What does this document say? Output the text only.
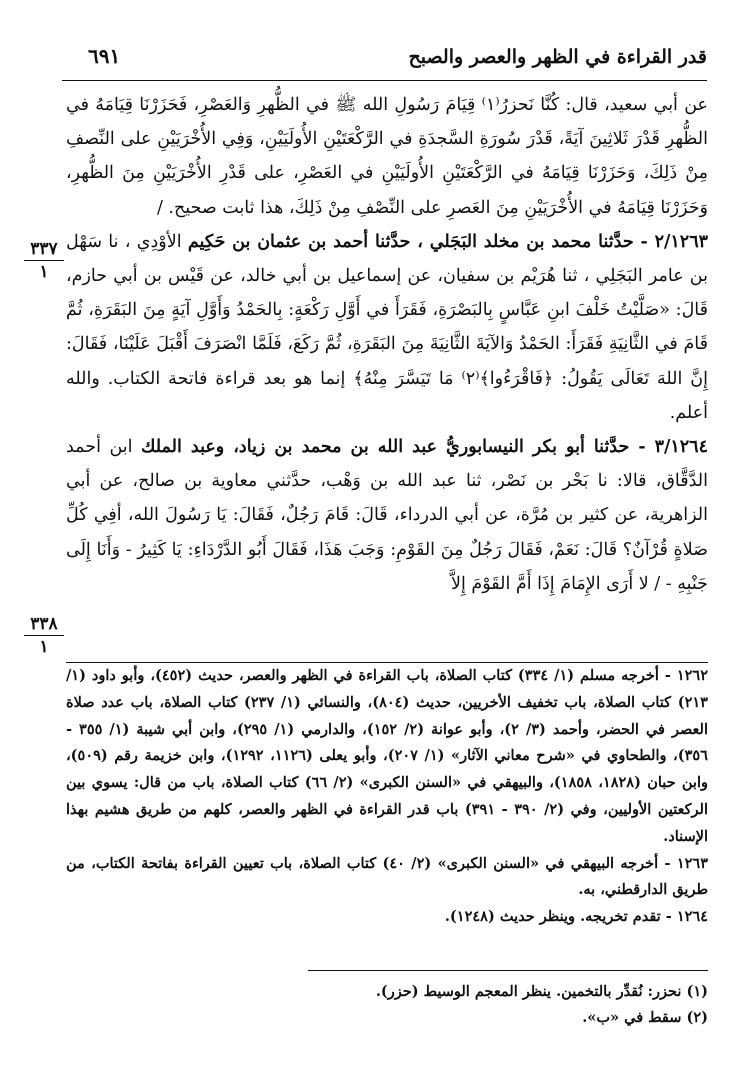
قدر القراءة في الظهر والعصر والصبح
٦٩١
٣٣٧
١
٣٣٨
١

عن أبي سعيد، قال: كُنَّا نَحزرُ⁽١⁾ قِيَامَ رَسُولِ الله ﷺ في الظُّهرِ وَالعَصْرِ، فَحَزَرْنَا قِيَامَهُ في الظُّهرِ قَدْرَ ثَلاثِينَ آيَةً، قَدْرَ سُورَةِ السَّجدَةِ في الرَّكْعَتَيْنِ الأُولَيَيْنِ، وَفِي الأُخْرَيَيْنِ على النِّصفِ مِنْ ذَلِكَ، وَحَزَرْنَا قِيَامَهُ في الرَّكْعَتَيْنِ الأُولَيَيْنِ في العَصْرِ، على قَدْرِ الأُخْرَيَيْنِ مِنَ الظُّهرِ، وَحَزَرْنَا قِيَامَهُ في الأُخْرَيَيْنِ مِنَ العَصرِ على النِّصْفِ مِنْ ذَلِكَ، هذا ثابت صحيح. /

٢/١٢٦٣ - حدَّثنا محمد بن مخلد البَجَلي ، حدَّثنا أحمد بن عثمان بن حَكِيم الأوْدِي ، نا سَهْل بن عامر البَجَلِي ، ثنا هُرَيْم بن سفيان، عن إسماعيل بن أبي خالد، عن قَيْس بن أبي حازم، قَالَ: «صَلَّيْتُ خَلْفَ ابنِ عَبَّاسٍ بِالبَصْرَةِ، فَقَرَأَ في أَوَّلِ رَكْعَةٍ: بِالحَمْدُ وَأَوَّلِ آيَةٍ مِنَ البَقَرَةِ، ثُمَّ قَامَ في الثَّانِيَةِ فَقَرَأَ: الحَمْدُ وَالآيَةَ الثَّانِيَةَ مِنَ البَقَرَةِ، ثُمَّ رَكَعَ، فَلَمَّا انْصَرَفَ أَقْبَلَ عَلَيْنَا، فَقَالَ: إِنَّ اللهَ تَعَالَى يَقُولُ: ﴿فَاقْرَءُوا﴾⁽٢⁾ مَا تَيَسَّرَ مِنْهُ﴾ إنما هو بعد قراءة فاتحة الكتاب. والله أعلم.

٣/١٢٦٤ - حدَّثنا أبو بكر النيسابوريُّ عبد الله بن محمد بن زياد، وعبد الملك ابن أحمد الدَّقَّاق، قالا: نا بَحْر بن نَصْر، ثنا عبد الله بن وَهْب، حدَّثني معاوية بن صالح، عن أبي الزاهرية، عن كثير بن مُرَّة، عن أبي الدرداء، قَالَ: قَامَ رَجُلٌ، فَقَالَ: يَا رَسُولَ الله، أفِي كُلِّ صَلاةٍ قُرْآنٌ؟ قَالَ: نَعَمْ، فَقَالَ رَجُلٌ مِنَ القَوْمِ: وَجَبَ هَذَا، فَقَالَ أَبُو الدَّرْدَاءِ: يَا كَثِيرُ - وَأَنَا إِلَى جَنْبِهِ - / لا أَرَى الإِمَامَ إِذَا أَمَّ القَوْمَ إِلاَّ

١٢٦٢ - أخرجه مسلم (١/ ٣٣٤) كتاب الصلاة، باب القراءة في الظهر والعصر، حديث (٤٥٢)، وأبو داود (١/ ٢١٣) كتاب الصلاة، باب تخفيف الأخريين، حديث (٨٠٤)، والنسائي (١/ ٢٣٧) كتاب الصلاة، باب عدد صلاة العصر في الحضر، وأحمد (٣/ ٢)، وأبو عوانة (٢/ ١٥٢)، والدارمي (١/ ٢٩٥)، وابن أبي شيبة (١/ ٣٥٥ - ٣٥٦)، والطحاوي في «شرح معاني الآثار» (١/ ٢٠٧)، وأبو يعلى (١١٢٦، ١٢٩٢)، وابن خزيمة رقم (٥٠٩)، وابن حبان (١٨٢٨، ١٨٥٨)، والبيهقي في «السنن الكبرى» (٢/ ٦٦) كتاب الصلاة، باب من قال: يسوي بين الركعتين الأوليين، وفي (٢/ ٣٩٠ - ٣٩١) باب قدر القراءة في الظهر والعصر، كلهم من طريق هشيم بهذا الإسناد.

١٢٦٣ - أخرجه البيهقي في «السنن الكبرى» (٢/ ٤٠) كتاب الصلاة، باب تعيين القراءة بفاتحة الكتاب، من طريق الدارقطني، به.

١٢٦٤ - تقدم تخريجه. وينظر حديث (١٢٤٨).

(١) نحزر: نُقدِّر بالتخمين. ينظر المعجم الوسيط (حزر).

(٢) سقط في «ب».
